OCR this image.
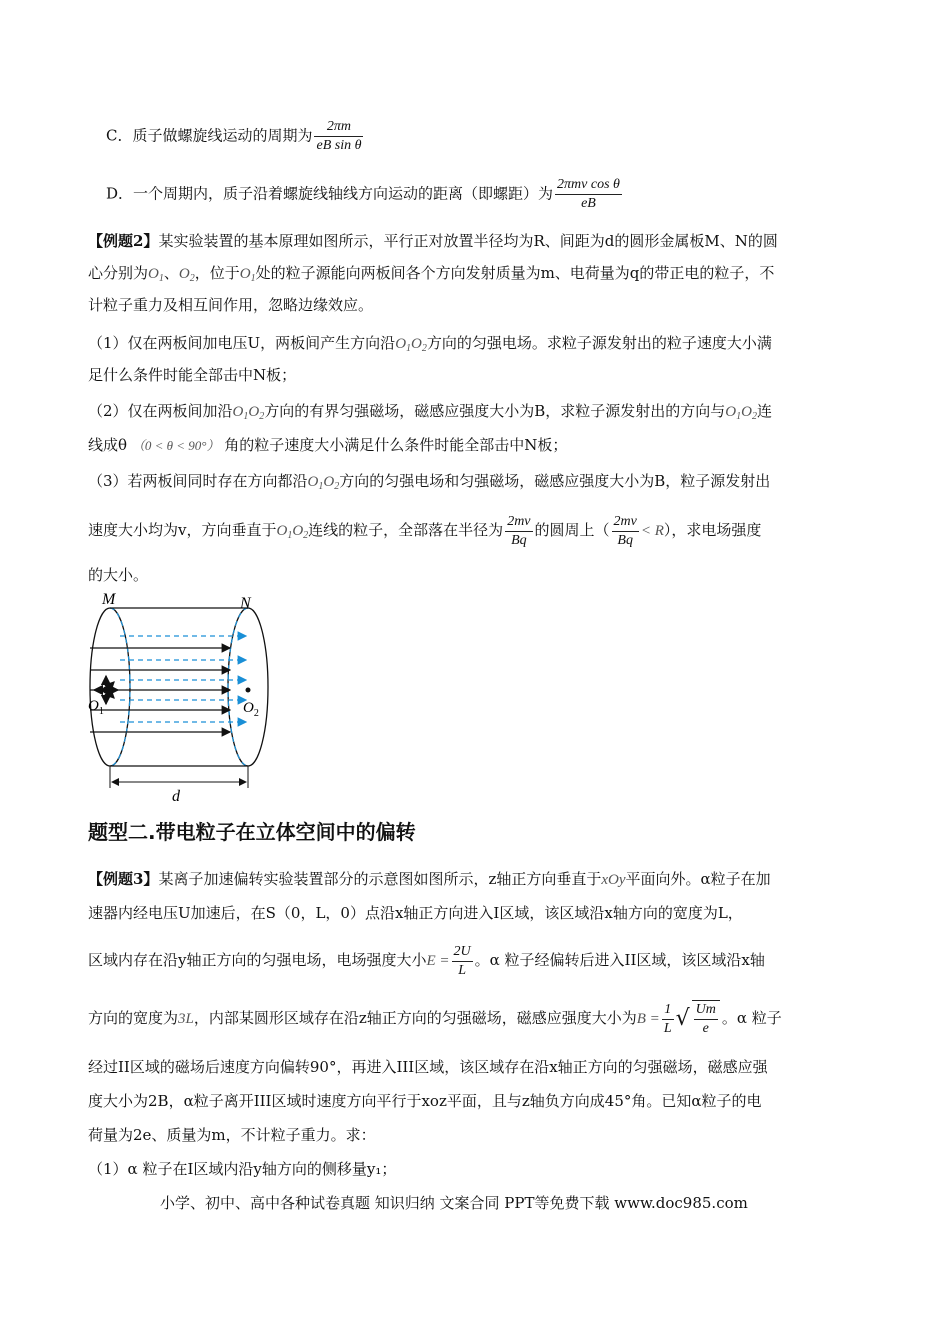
C．质子做螺旋线运动的周期为 $\frac{2\pi m}{\text{eB sin θ}}$
D．一个周期内，质子沿着螺旋线轴线方向运动的距离（即螺距）为 $\frac{\text{2πmv cos θ}}{eB}$
【例题2】某实验装置的基本原理如图所示，平行正对放置半径均为R、间距为d的圆形金属板M、N的圆
心分别为$O_1$、$O_2$，位于$O_1$处的粒子源能向两板间各个方向发射质量为m、电荷量为q的带正电的粒子，不
计粒子重力及相互间作用，忽略边缘效应。
（1）仅在两板间加电压U，两板间产生方向沿$O_1O_2$方向的匀强电场。求粒子源发射出的粒子速度大小满
足什么条件时能全部击中N板；
（2）仅在两板间加沿$O_1O_2$方向的有界匀强磁场，磁感应强度大小为B，求粒子源发射出的方向与$O_1O_2$连
线成θ （0 < θ < 90°） 角的粒子速度大小满足什么条件时能全部击中N板；
（3）若两板间同时存在方向都沿$O_1O_2$方向的匀强电场和匀强磁场，磁感应强度大小为B，粒子源发射出
速度大小均为v，方向垂直于$O_1O_2$连线的粒子，全部落在半径为 $\frac{2mv}{Bq}$ 的圆周上（ $\frac{2mv}{Bq} < R$），求电场强度
的大小。
M	N
$O_1$	$O_2$
d
题型二.带电粒子在立体空间中的偏转
【例题3】某离子加速偏转实验装置部分的示意图如图所示，z轴正方向垂直于xOy平面向外。α粒子在加
速器内经电压U加速后，在S（0，L，0）点沿x轴正方向进入I区域，该区域沿x轴方向的宽度为L，
区域内存在沿y轴正方向的匀强电场，电场强度大小$E = \frac{2U}{L}$ 。α 粒子经偏转后进入II区域，该区域沿x轴
方向的宽度为3L，内部某圆形区域存在沿z轴正方向的匀强磁场，磁感应强度大小为$B = \frac{1}{L}$ √ $\frac{Um}{e}$ 。α 粒子
经过II区域的磁场后速度方向偏转90°，再进入III区域，该区域存在沿x轴正方向的匀强磁场，磁感应强
度大小为2B，α粒子离开III区域时速度方向平行于xoz平面，且与z轴负方向成45°角。已知α粒子的电
荷量为2e、质量为m，不计粒子重力。求：
（1）α 粒子在I区域内沿y轴方向的侧移量y₁；
小学、初中、高中各种试卷真题 知识归纳 文案合同 PPT等免费下载 www.doc985.com
